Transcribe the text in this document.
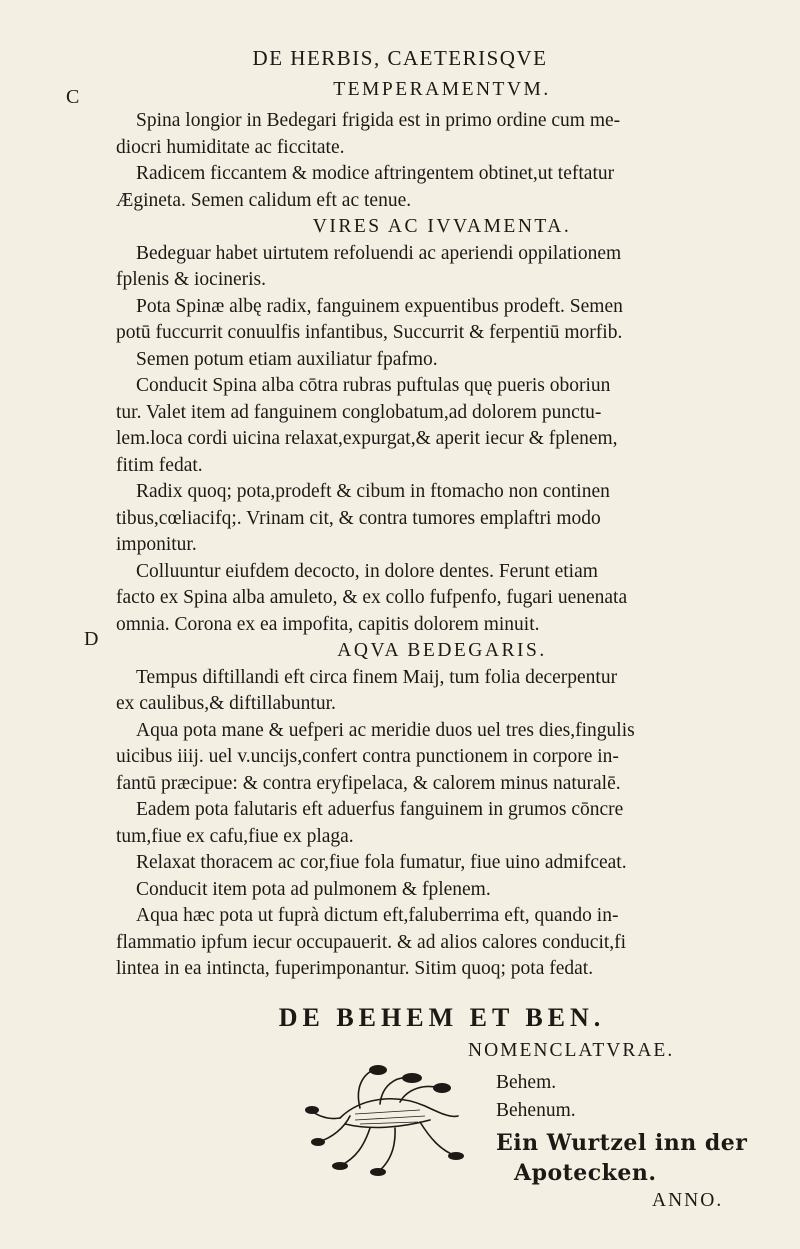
DE HERBIS, CAETERISQVE
C
D
TEMPERAMENTVM.

Spina longior in Bedegari frigida est in primo ordine cum me-

diocri humiditate ac ficcitate.

Radicem ficcantem & modice aftringentem obtinet,ut teftatur

Ægineta. Semen calidum eft ac tenue.

VIRES AC IVVAMENTA.

Bedeguar habet uirtutem refoluendi ac aperiendi oppilationem

fplenis & iocineris.

Pota Spinæ albę radix, fanguinem expuentibus prodeft. Semen

potū fuccurrit conuulfis infantibus, Succurrit & ferpentiū morfib.

Semen potum etiam auxiliatur fpafmo.

Conducit Spina alba cōtra rubras puftulas quę pueris oboriun

tur. Valet item ad fanguinem conglobatum,ad dolorem punctu-

lem.loca cordi uicina relaxat,expurgat,& aperit iecur & fplenem,

fitim fedat.

Radix quoq; pota,prodeft & cibum in ftomacho non continen

tibus,cœliacifq;. Vrinam cit, & contra tumores emplaftri modo

imponitur.

Colluuntur eiufdem decocto, in dolore dentes. Ferunt etiam

facto ex Spina alba amuleto, & ex collo fufpenfo, fugari uenenata

omnia. Corona ex ea impofita, capitis dolorem minuit.

AQVA BEDEGARIS.

Tempus diftillandi eft circa finem Maij, tum folia decerpentur

ex caulibus,& diftillabuntur.

Aqua pota mane & uefperi ac meridie duos uel tres dies,fingulis

uicibus iiij. uel v.uncijs,confert contra punctionem in corpore in-

fantū præcipue: & contra eryfipelaca, & calorem minus naturalē.

Eadem pota falutaris eft aduerfus fanguinem in grumos cōncre

tum,fiue ex cafu,fiue ex plaga.

Relaxat thoracem ac cor,fiue fola fumatur, fiue uino admifceat.

Conducit item pota ad pulmonem & fplenem.

Aqua hæc pota ut fuprà dictum eft,faluberrima eft, quando in-

flammatio ipfum iecur occupauerit. & ad alios calores conducit,fi

lintea in ea intincta, fuperimponantur. Sitim quoq; pota fedat.

DE BEHEM ET BEN.
NOMENCLATVRAE.
Behem.
Behenum.
Ein Wurtzel inn der
Apotecken.
ANNO.
